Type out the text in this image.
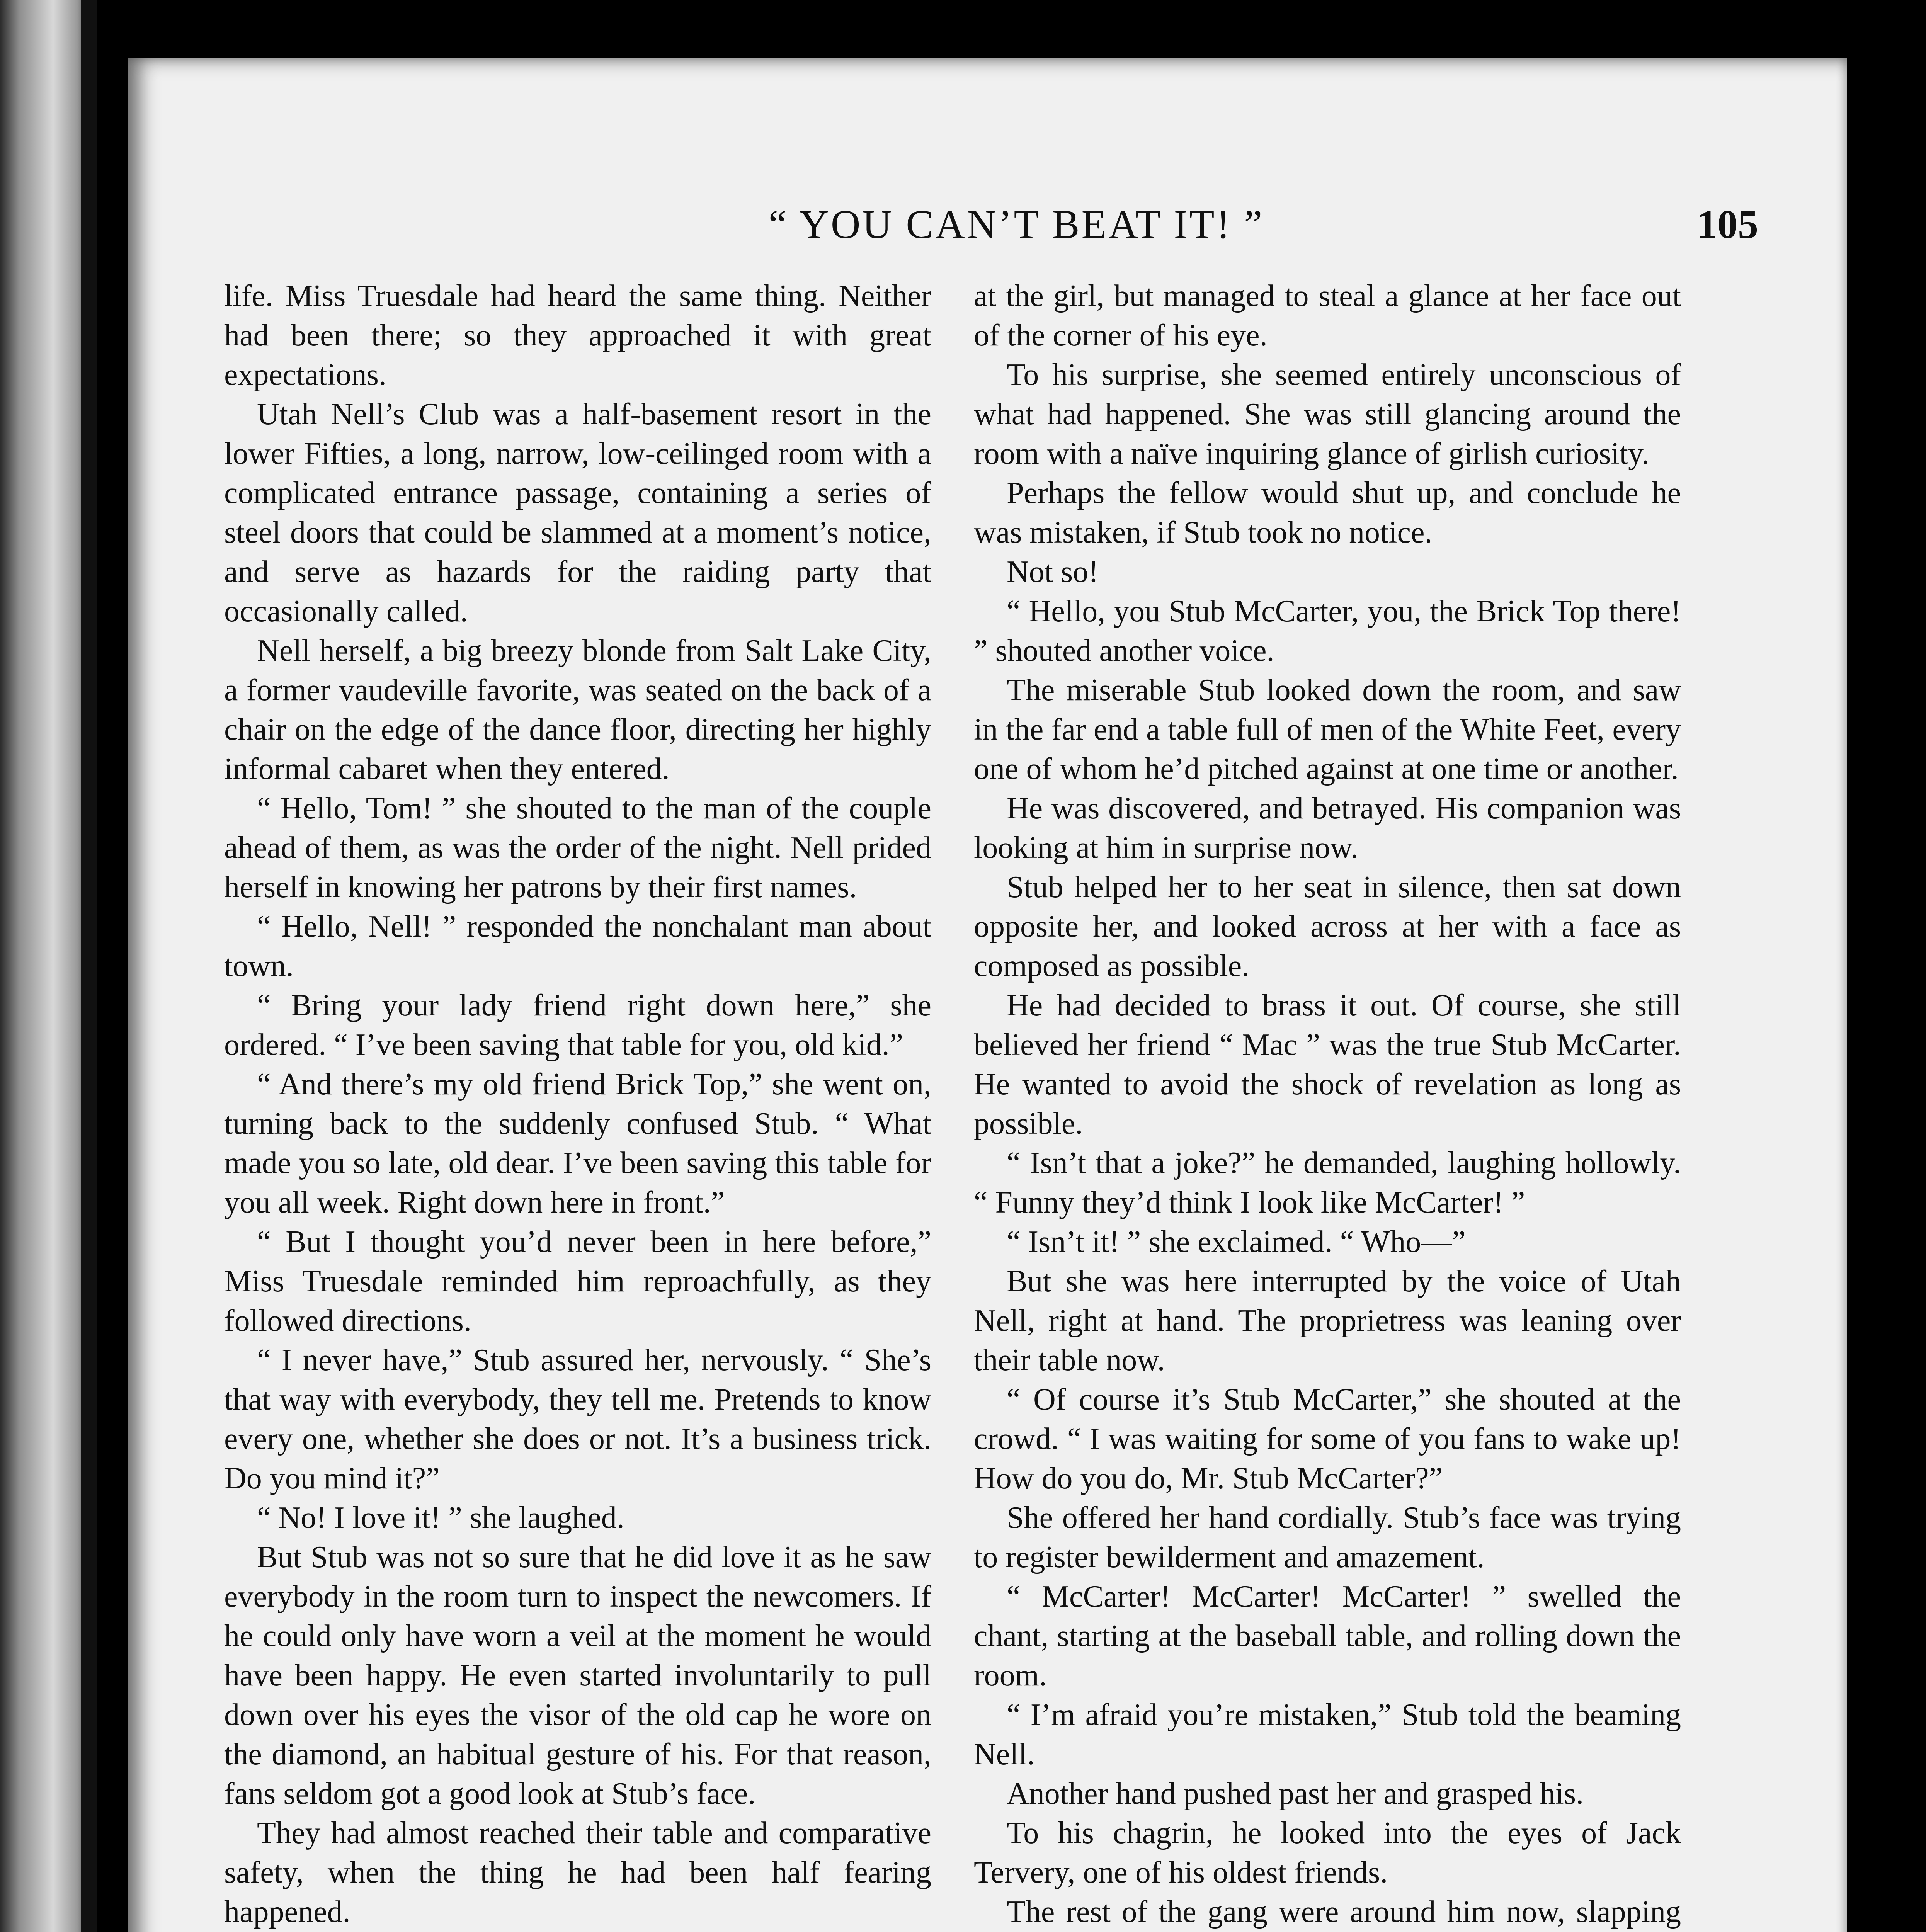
“ YOU CAN’T BEAT IT! ”	105

life. Miss Truesdale had heard the same thing. Neither had been there; so they approached it with great expectations.

Utah Nell’s Club was a half-basement resort in the lower Fifties, a long, narrow, low-ceilinged room with a complicated entrance passage, containing a series of steel doors that could be slammed at a moment’s notice, and serve as hazards for the raiding party that occasionally called.

Nell herself, a big breezy blonde from Salt Lake City, a former vaudeville favorite, was seated on the back of a chair on the edge of the dance floor, directing her highly informal cabaret when they entered.

“ Hello, Tom! ” she shouted to the man of the couple ahead of them, as was the order of the night. Nell prided herself in knowing her patrons by their first names.

“ Hello, Nell! ” responded the nonchalant man about town.

“ Bring your lady friend right down here,” she ordered. “ I’ve been saving that table for you, old kid.”

“ And there’s my old friend Brick Top,” she went on, turning back to the suddenly confused Stub. “ What made you so late, old dear. I’ve been saving this table for you all week. Right down here in front.”

“ But I thought you’d never been in here before,” Miss Truesdale reminded him reproachfully, as they followed directions.

“ I never have,” Stub assured her, nervously. “ She’s that way with everybody, they tell me. Pretends to know every one, whether she does or not. It’s a business trick. Do you mind it?”

“ No! I love it! ” she laughed.

But Stub was not so sure that he did love it as he saw everybody in the room turn to inspect the newcomers. If he could only have worn a veil at the moment he would have been happy. He even started involuntarily to pull down over his eyes the visor of the old cap he wore on the diamond, an habitual gesture of his. For that reason, fans seldom got a good look at Stub’s face.

They had almost reached their table and comparative safety, when the thing he had been half fearing happened.

at the girl, but managed to steal a glance at her face out of the corner of his eye.

To his surprise, she seemed entirely unconscious of what had happened. She was still glancing around the room with a naïve inquiring glance of girlish curiosity.

Perhaps the fellow would shut up, and conclude he was mistaken, if Stub took no notice.

Not so!

“ Hello, you Stub McCarter, you, the Brick Top there! ” shouted another voice.

The miserable Stub looked down the room, and saw in the far end a table full of men of the White Feet, every one of whom he’d pitched against at one time or another.

He was discovered, and betrayed. His companion was looking at him in surprise now.

Stub helped her to her seat in silence, then sat down opposite her, and looked across at her with a face as composed as possible.

He had decided to brass it out. Of course, she still believed her friend “ Mac ” was the true Stub McCarter. He wanted to avoid the shock of revelation as long as possible.

“ Isn’t that a joke?” he demanded, laughing hollowly. “ Funny they’d think I look like McCarter! ”

“ Isn’t it! ” she exclaimed. “ Who—”

But she was here interrupted by the voice of Utah Nell, right at hand. The proprietress was leaning over their table now.

“ Of course it’s Stub McCarter,” she shouted at the crowd. “ I was waiting for some of you fans to wake up! How do you do, Mr. Stub McCarter?”

She offered her hand cordially. Stub’s face was trying to register bewilderment and amazement.

“ McCarter! McCarter! McCarter! ” swelled the chant, starting at the baseball table, and rolling down the room.

“ I’m afraid you’re mistaken,” Stub told the beaming Nell.

Another hand pushed past her and grasped his.

To his chagrin, he looked into the eyes of Jack Tervery, one of his oldest friends.

The rest of the gang were around him now, slapping
